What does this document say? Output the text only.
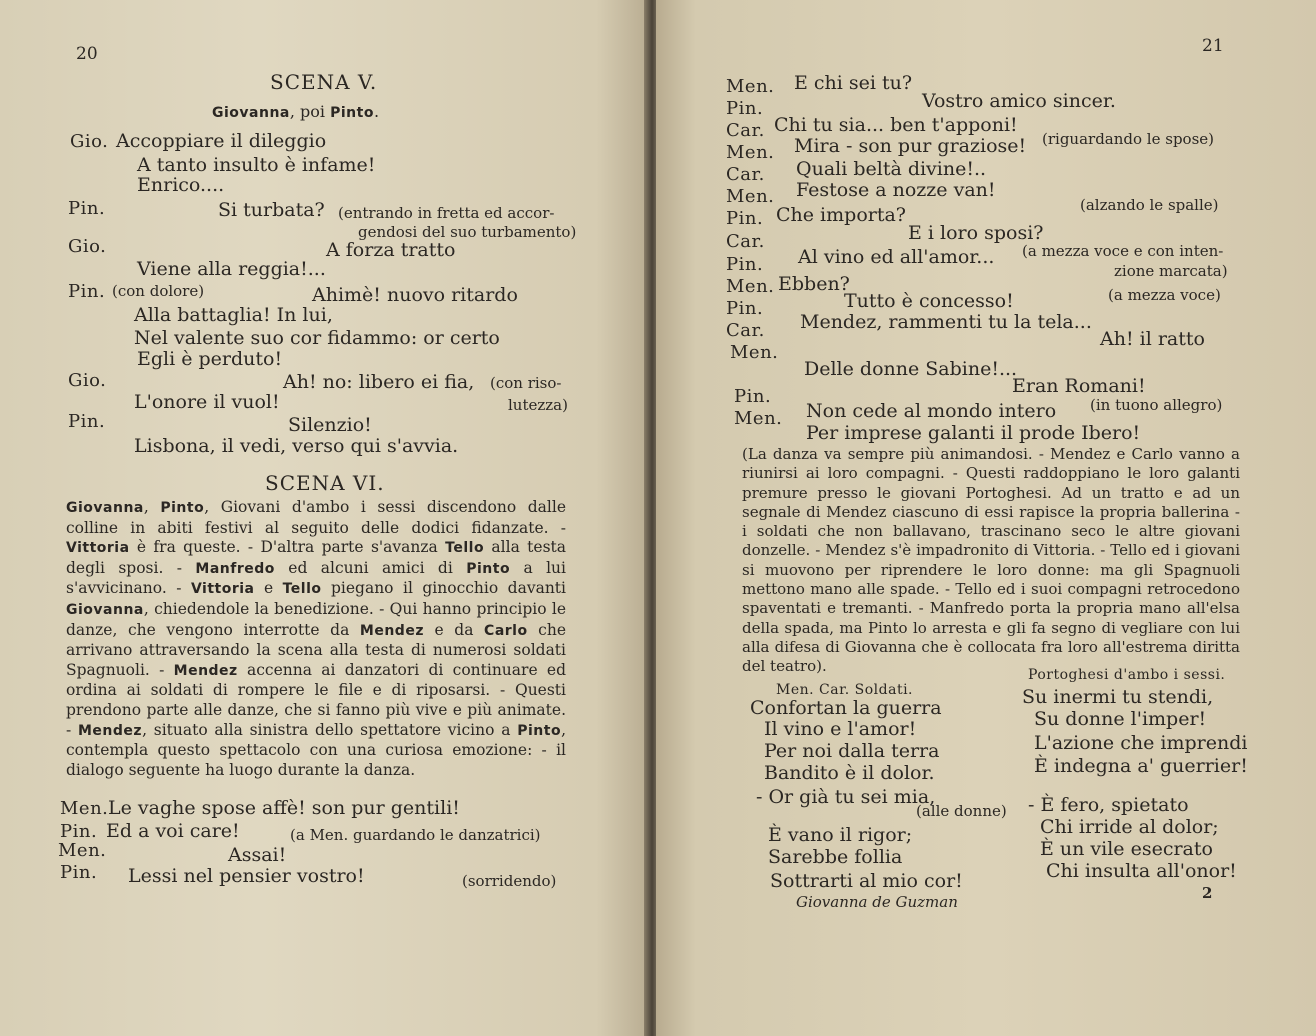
20
SCENA V.
Giovanna, poi Pinto.
Gio. Accoppiare il dileggio
A tanto insulto è infame!
Enrico....
Pin.	Si turbata? (entrando in fretta ed accor-
gendosi del suo turbamento)
Gio.	A forza tratto
Viene alla reggia!...
Pin. (con dolore)	Ahimè! nuovo ritardo
Alla battaglia! In lui,
Nel valente suo cor fidammo: or certo
Egli è perduto!
Gio.	Ah! no: libero ei fia, (con riso-
lutezza)
L'onore il vuol!
Pin.	Silenzio!
Lisbona, il vedi, verso qui s'avvia.
SCENA VI.
Giovanna, Pinto, Giovani d'ambo i sessi discendono dalle colline in abiti festivi al seguito delle dodici fidanzate. - Vittoria è fra queste. - D'altra parte s'avanza Tello alla testa degli sposi. - Manfredo ed alcuni amici di Pinto a lui s'avvicinano. - Vittoria e Tello piegano il ginocchio davanti Giovanna, chiedendole la benedizione. - Qui hanno principio le danze, che vengono interrotte da Mendez e da Carlo che arrivano attraversando la scena alla testa di numerosi soldati Spagnuoli. - Mendez accenna ai danzatori di continuare ed ordina ai soldati di rompere le file e di riposarsi. - Questi prendono parte alle danze, che si fanno più vive e più animate. - Mendez, situato alla sinistra dello spettatore vicino a Pinto, contempla questo spettacolo con una curiosa emozione: - il dialogo seguente ha luogo durante la danza.
Men. Le vaghe spose affè! son pur gentili!
Pin. Ed a voi care!	(a Men. guardando le danzatrici)
Men.	Assai!
Pin. Lessi nel pensier vostro!	(sorridendo)
21
Men. E chi sei tu?
Pin.	Vostro amico sincer.
Car. Chi tu sia... ben t'apponi!
Men. Mira - son pur graziose! (riguardando le spose)
Car. Quali beltà divine!..
Men. Festose a nozze van!
Pin. Che importa?	(alzando le spalle)
Car.	E i loro sposi?
Pin. Al vino ed all'amor... (a mezza voce e con inten-
zione marcata)
Men. Ebben?
Pin.	Tutto è concesso!	(a mezza voce)
Car. Mendez, rammenti tu la tela...
Ah! il ratto
Men.
Delle donne Sabine!...
Eran Romani!
Pin.
Men. Non cede al mondo intero (in tuono allegro)
Per imprese galanti il prode Ibero!
(La danza va sempre più animandosi. - Mendez e Carlo vanno a riunirsi ai loro compagni. - Questi raddoppiano le loro galanti premure presso le giovani Portoghesi. Ad un tratto e ad un segnale di Mendez ciascuno di essi rapisce la propria ballerina - i soldati che non ballavano, trascinano seco le altre giovani donzelle. - Mendez s'è impadronito di Vittoria. - Tello ed i giovani si muovono per riprendere le loro donne: ma gli Spagnuoli mettono mano alle spade. - Tello ed i suoi compagni retrocedono spaventati e tremanti. - Manfredo porta la propria mano all'elsa della spada, ma Pinto lo arresta e gli fa segno di vegliare con lui alla difesa di Giovanna che è collocata fra loro all'estrema diritta del teatro).
Men. Car. Soldati.
Portoghesi d'ambo i sessi.
Confortan la guerra
Il vino e l'amor!
Per noi dalla terra
Bandito è il dolor.
- Or già tu sei mia,
(alle donne)
È vano il rigor;
Sarebbe follia
Sottrarti al mio cor!
Su inermi tu stendi,
Su donne l'imper!
L'azione che imprendi
È indegna a' guerrier!
- È fero, spietato
Chi irride al dolor;
È un vile esecrato
Chi insulta all'onor!
Giovanna de Guzman	2
